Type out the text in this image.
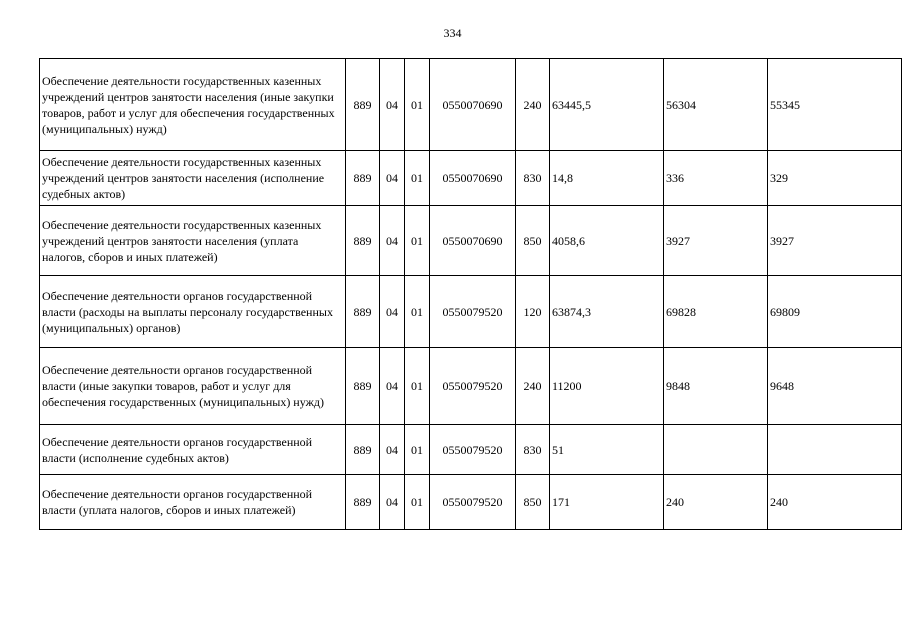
334
Обеспечение деятельности государственных казенных учреждений центров занятости населения (иные закупки товаров, работ и услуг для обеспечения государственных (муниципальных) нужд)	889	04	01	0550070690	240	63445,5	56304	55345
Обеспечение деятельности государственных казенных учреждений центров занятости населения (исполнение судебных актов)	889	04	01	0550070690	830	14,8	336	329
Обеспечение деятельности государственных казенных учреждений центров занятости населения (уплата налогов, сборов и иных платежей)	889	04	01	0550070690	850	4058,6	3927	3927
Обеспечение деятельности органов государственной власти (расходы на выплаты персоналу государственных (муниципальных) органов)	889	04	01	0550079520	120	63874,3	69828	69809
Обеспечение деятельности органов государственной власти (иные закупки товаров, работ и услуг для обеспечения государственных (муниципальных) нужд)	889	04	01	0550079520	240	11200	9848	9648
Обеспечение деятельности органов государственной власти (исполнение судебных актов)	889	04	01	0550079520	830	51		
Обеспечение деятельности органов государственной власти (уплата налогов, сборов и иных платежей)	889	04	01	0550079520	850	171	240	240
